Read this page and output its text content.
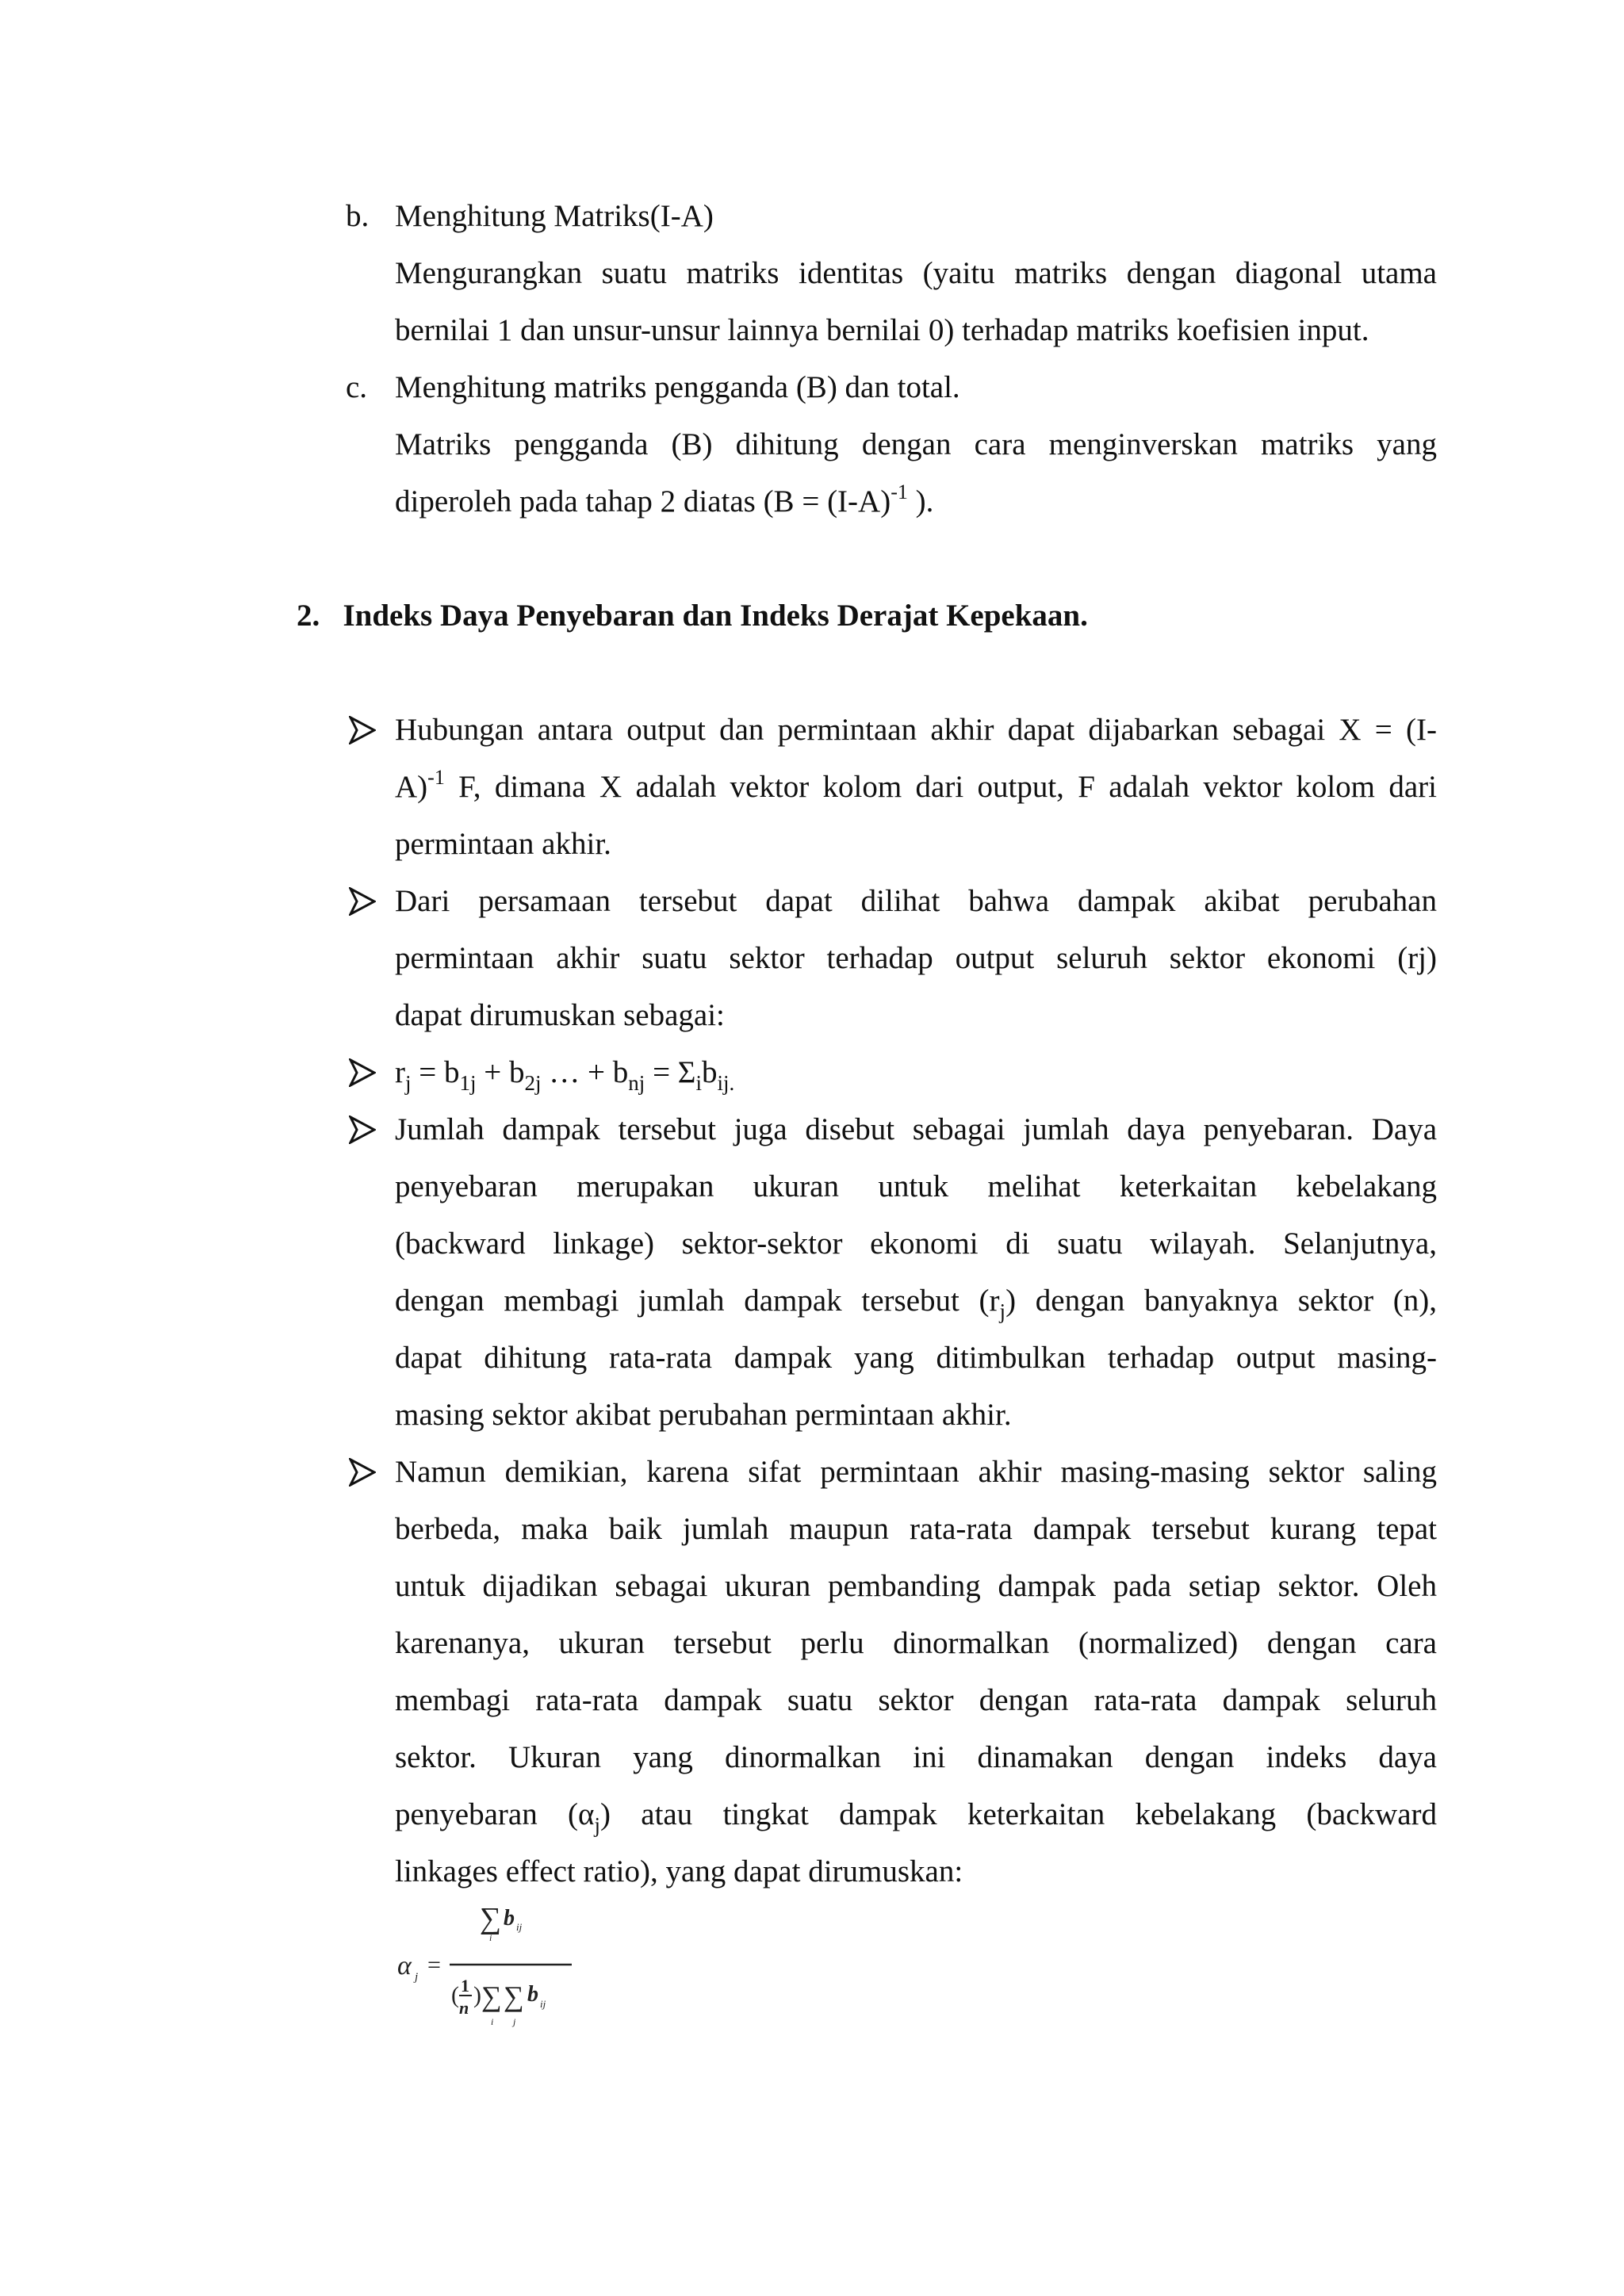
b. Menghitung Matriks(I-A)
Mengurangkan suatu matriks identitas (yaitu matriks dengan diagonal utama
bernilai 1 dan unsur-unsur lainnya bernilai 0) terhadap matriks koefisien input.
c. Menghitung matriks pengganda (B) dan total.
Matriks pengganda (B) dihitung dengan cara menginverskan matriks yang
diperoleh pada tahap 2 diatas ($B = (I-A)^{-1}$ ).
2.   Indeks Daya Penyebaran dan Indeks Derajat Kepekaan.
Hubungan antara output dan permintaan akhir dapat dijabarkan sebagai X = (I-
A)$^{-1}$ F, dimana X adalah vektor kolom dari output, F adalah vektor kolom dari
permintaan akhir.
Dari persamaan tersebut dapat dilihat bahwa dampak akibat perubahan
permintaan akhir suatu sektor terhadap output seluruh sektor ekonomi (rj)
dapat dirumuskan sebagai:
$r_j = b_{1j} + b_{2j}$ … + $b_{nj} = \Sigma_ib_{ij.}$
Jumlah dampak tersebut juga disebut sebagai jumlah daya penyebaran. Daya
penyebaran merupakan ukuran untuk melihat keterkaitan kebelakang
(backward linkage) sektor-sektor ekonomi di suatu wilayah. Selanjutnya,
dengan membagi jumlah dampak tersebut $(r_j)$ dengan banyaknya sektor (n),
dapat dihitung rata-rata dampak yang ditimbulkan terhadap output masing-
masing sektor akibat perubahan permintaan akhir.
Namun demikian, karena sifat permintaan akhir masing-masing sektor saling
berbeda, maka baik jumlah maupun rata-rata dampak tersebut kurang tepat
untuk dijadikan sebagai ukuran pembanding dampak pada setiap sektor. Oleh
karenanya, ukuran tersebut perlu dinormalkan (normalized) dengan cara
membagi rata-rata dampak suatu sektor dengan rata-rata dampak seluruh
sektor. Ukuran yang dinormalkan ini dinamakan dengan indeks daya
penyebaran $(\alpha_j)$ atau tingkat dampak keterkaitan kebelakang (backward
linkages effect ratio), yang dapat dirumuskan:
α j =
∑
i
b ij
( 1
n ) ∑
i
∑
j
b ij
